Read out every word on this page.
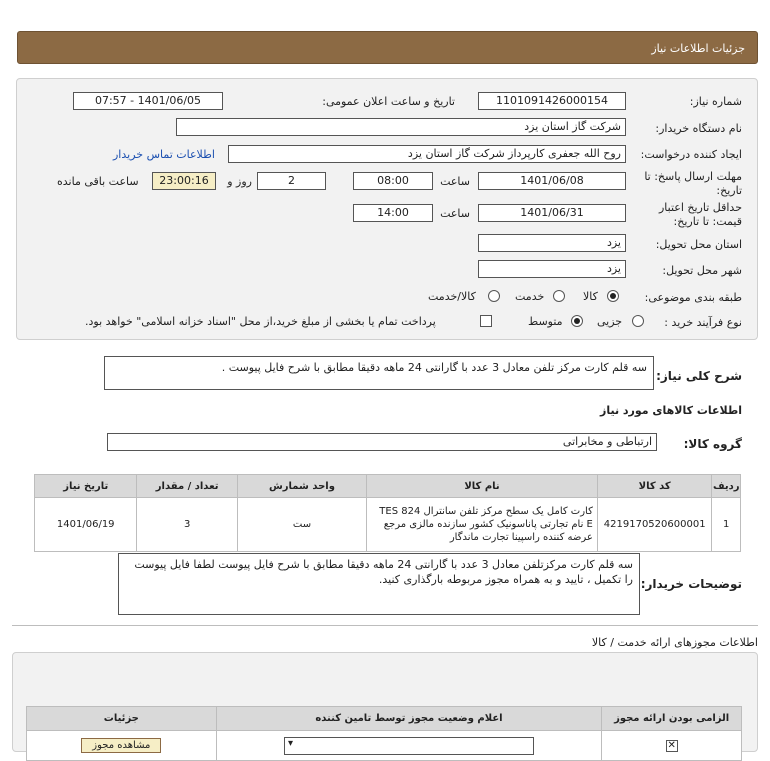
جزئیات اطلاعات نیاز
شماره نیاز:
1101091426000154
تاریخ و ساعت اعلان عمومی:
1401/06/05 - 07:57
نام دستگاه خریدار:
شرکت گاز استان یزد
ایجاد کننده درخواست:
روح الله جعفری کارپرداز شرکت گاز استان یزد
اطلاعات تماس خریدار
مهلت ارسال پاسخ: تا
تاریخ:
1401/06/08
ساعت
08:00
2
روز و
23:00:16
ساعت باقی مانده
حداقل تاریخ اعتبار
قیمت: تا تاریخ:
1401/06/31
ساعت
14:00
استان محل تحویل:
یزد
شهر محل تحویل:
یزد
طبقه بندی موضوعی:
کالا
خدمت
کالا/خدمت
نوع فرآیند خرید :
جزیی
متوسط
پرداخت تمام یا بخشی از مبلغ خرید،از محل "اسناد خزانه اسلامی" خواهد بود.
شرح کلی نیاز:
سه قلم کارت مرکز تلفن معادل 3 عدد با گارانتی 24 ماهه دقیقا مطابق با شرح فایل پیوست .
اطلاعات کالاهای مورد نیاز
گروه کالا:
ارتباطی و مخابراتی
ردیف	کد کالا	نام کالا	واحد شمارش	تعداد / مقدار	تاریخ نیاز
1	4219170520600001	کارت کامل یک سطح مرکز تلفن سانترال TES 824 E نام تجارتی پاناسونیک کشور سازنده مالزی مرجع عرضه کننده راسپینا تجارت ماندگار	ست	3	1401/06/19
توضیحات خریدار:
سه قلم کارت مرکزتلفن معادل 3 عدد با گارانتی 24 ماهه دقیقا مطابق با شرح فایل پیوست لطفا فایل پیوست را تکمیل ، تایید و به همراه مجوز مربوطه بارگذاری کنید.
اطلاعات مجوزهای ارائه خدمت / کالا
الزامی بودن ارائه مجوز	اعلام وضعیت مجوز توسط تامین کننده	جزئیات
✕	▾	مشاهده مجوز
